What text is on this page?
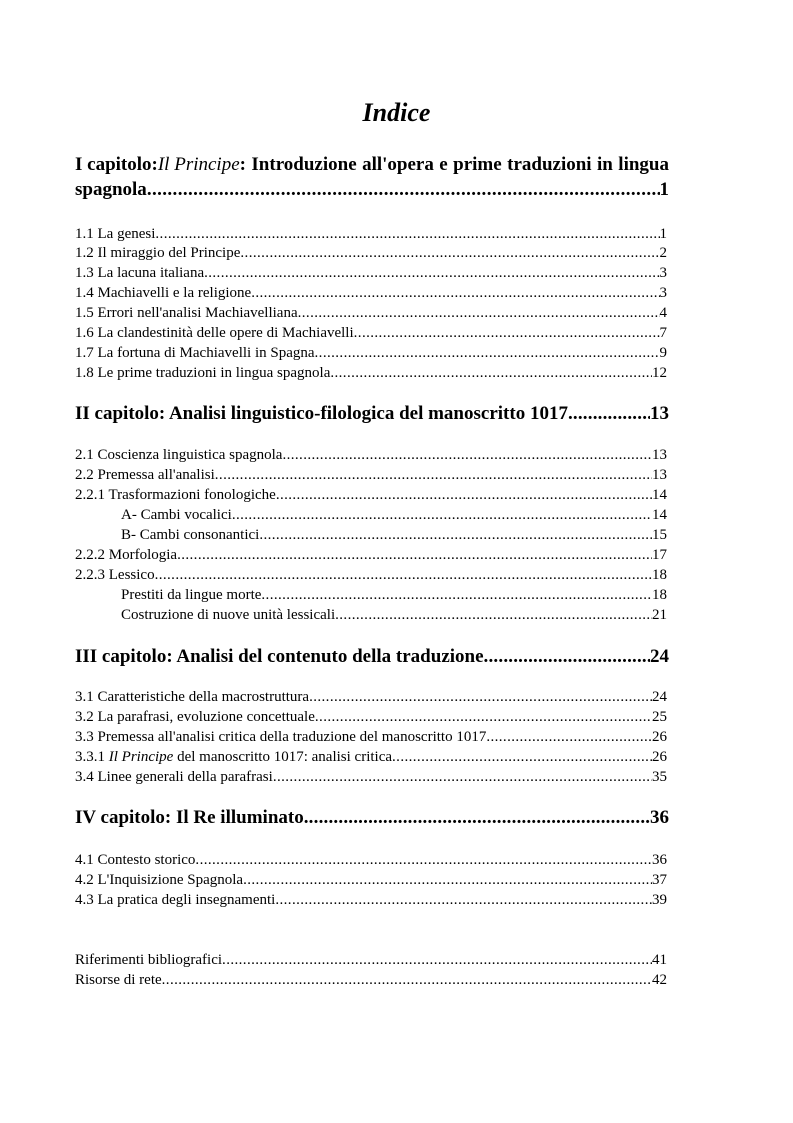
Indice
I capitolo: Il Principe : Introduzione all'opera e prime traduzioni in lingua
spagnola .....	1
1.1 La genesi .....	1
1.2 Il miraggio del Principe .....	2
1.3 La lacuna italiana .....	3
1.4 Machiavelli e la religione .....	3
1.5 Errori nell'analisi Machiavelliana .....	4
1.6 La clandestinità delle opere di Machiavelli .....	7
1.7 La fortuna di Machiavelli in Spagna .....	9
1.8 Le prime traduzioni in lingua spagnola .....	12
II capitolo: Analisi linguistico-filologica del manoscritto 1017 .....	13
2.1 Coscienza linguistica spagnola .....	13
2.2 Premessa all'analisi .....	13
2.2.1 Trasformazioni fonologiche .....	14
A- Cambi vocalici .....	14
B- Cambi consonantici .....	15
2.2.2 Morfologia .....	17
2.2.3 Lessico .....	18
Prestiti da lingue morte .....	18
Costruzione di nuove unità lessicali .....	21
III capitolo: Analisi del contenuto della traduzione .....	24
3.1 Caratteristiche della macrostruttura .....	24
3.2 La parafrasi, evoluzione concettuale .....	25
3.3 Premessa all'analisi critica della traduzione del manoscritto 1017 .....	26
3.3.1 Il Principe del manoscritto 1017: analisi critica .....	26
3.4 Linee generali della parafrasi .....	35
IV capitolo: Il Re illuminato .....	36
4.1 Contesto storico .....	36
4.2 L'Inquisizione Spagnola .....	37
4.3 La pratica degli insegnamenti .....	39
Riferimenti bibliografici .....	41
Risorse di rete .....	42
